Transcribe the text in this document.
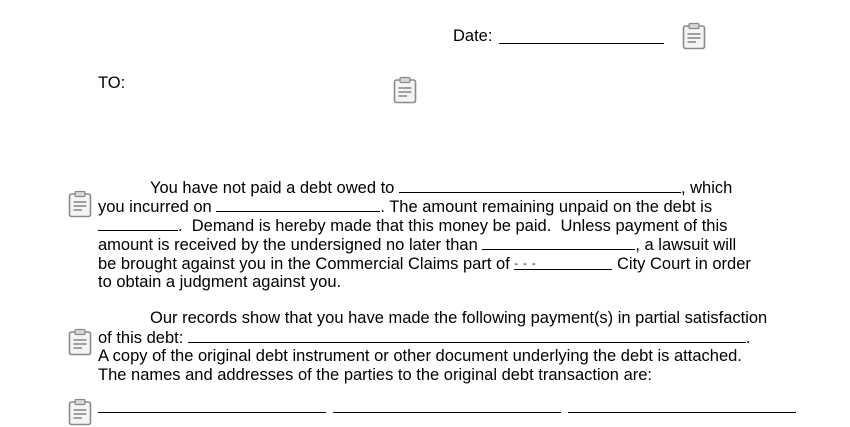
Date:
TO:
You have not paid a debt owed to	, which
you incurred on	. The amount remaining unpaid on the debt is
.  Demand is hereby made that this money be paid.  Unless payment of this
amount is received by the undersigned no later than	, a lawsuit will
be brought against you in the Commercial Claims part of - - -	City Court in order
to obtain a judgment against you.
Our records show that you have made the following payment(s) in partial satisfaction
of this debt:	.
A copy of the original debt instrument or other document underlying the debt is attached.
The names and addresses of the parties to the original debt transaction are:
